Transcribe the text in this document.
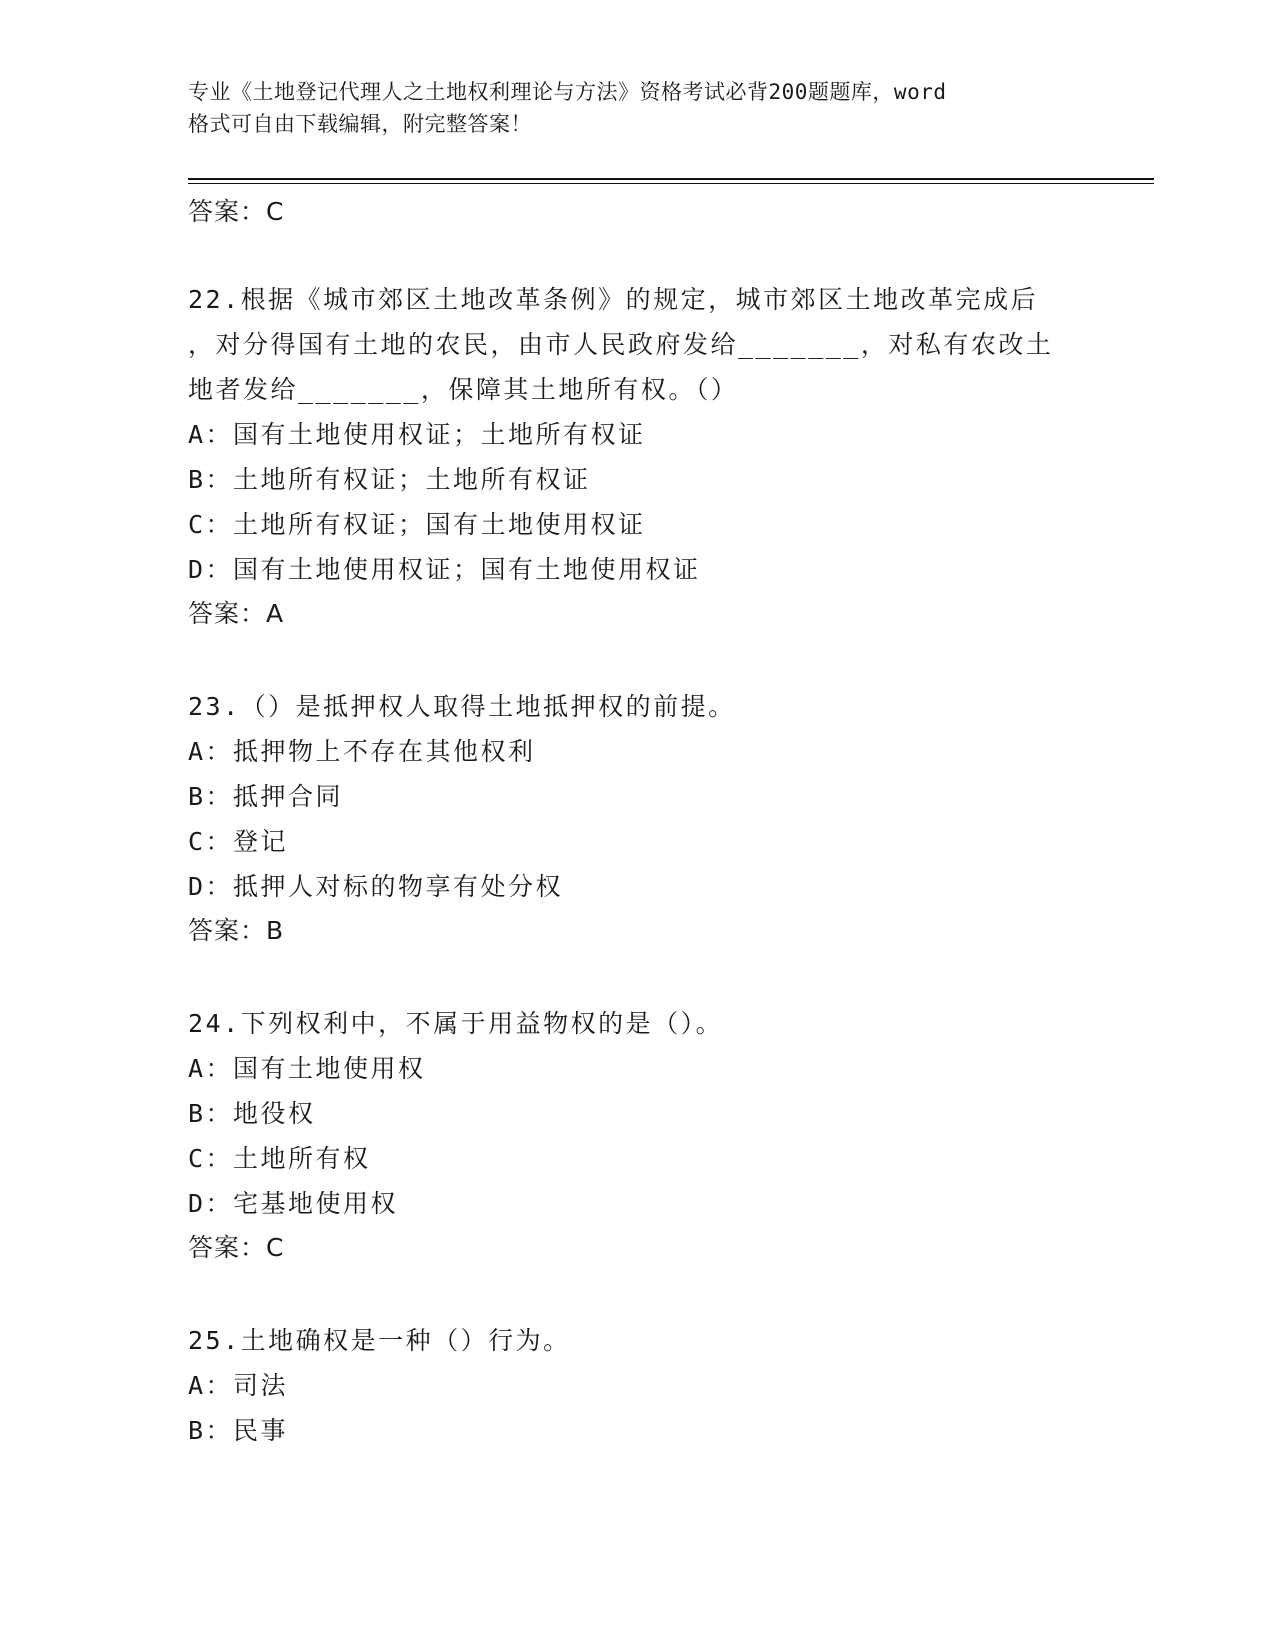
专业《土地登记代理人之土地权利理论与方法》资格考试必背200题题库，word
格式可自由下载编辑，附完整答案！
答案：C
22.根据《城市郊区土地改革条例》的规定，城市郊区土地改革完成后
，对分得国有土地的农民，由市人民政府发给_______，对私有农改土
地者发给_______，保障其土地所有权。（）
A：国有土地使用权证；土地所有权证
B：土地所有权证；土地所有权证
C：土地所有权证；国有土地使用权证
D：国有土地使用权证；国有土地使用权证
答案：A
23.（）是抵押权人取得土地抵押权的前提。
A：抵押物上不存在其他权利
B：抵押合同
C：登记
D：抵押人对标的物享有处分权
答案：B
24.下列权利中，不属于用益物权的是（）。
A：国有土地使用权
B：地役权
C：土地所有权
D：宅基地使用权
答案：C
25.土地确权是一种（）行为。
A：司法
B：民事
